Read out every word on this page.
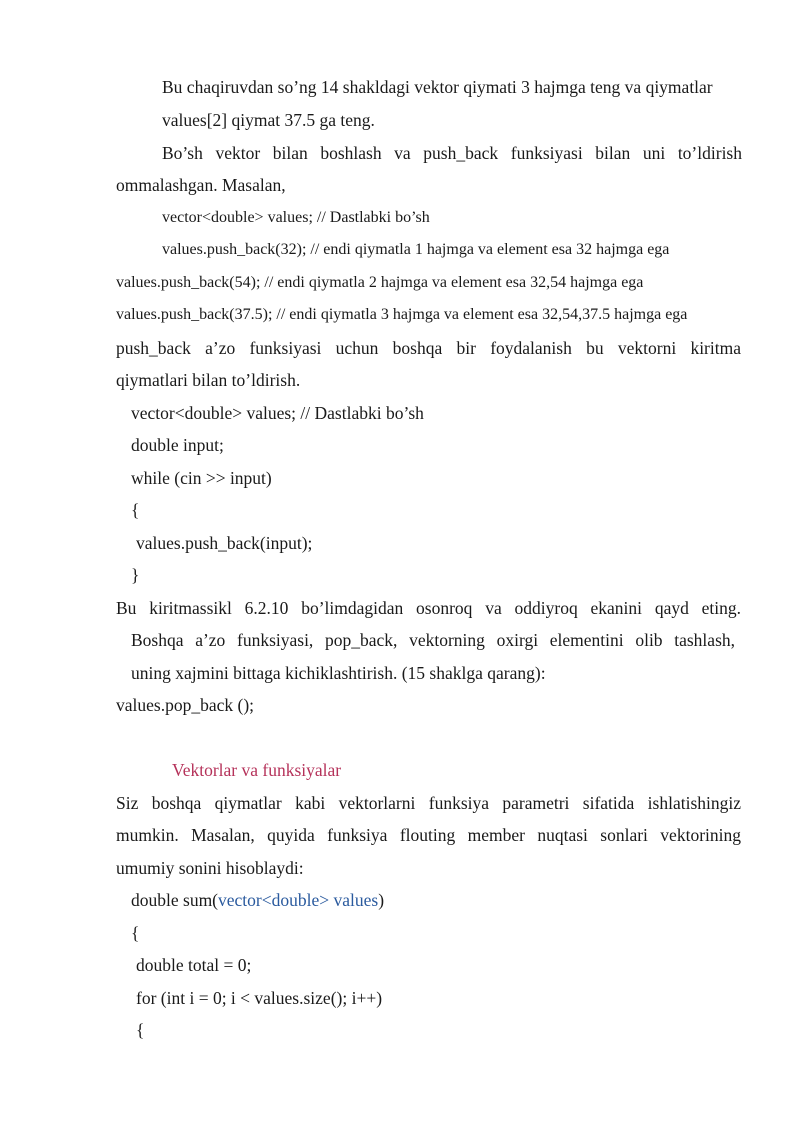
Bu chaqiruvdan so’ng 14 shakldagi vektor qiymati 3 hajmga teng va qiymatlar
values[2] qiymat 37.5 ga teng.
Bo’sh vektor bilan boshlash va push_back funksiyasi bilan uni to’ldirish
ommalashgan. Masalan,
vector<double> values; // Dastlabki bo’sh
values.push_back(32); // endi qiymatla 1 hajmga va element esa 32 hajmga ega
values.push_back(54); // endi qiymatla 2 hajmga va element esa 32,54 hajmga ega
values.push_back(37.5); // endi qiymatla 3 hajmga va element esa 32,54,37.5 hajmga ega
push_back a’zo funksiyasi uchun boshqa bir foydalanish bu vektorni kiritma
qiymatlari bilan to’ldirish.
vector<double> values; // Dastlabki bo’sh
double input;
while (cin >> input)
{
values.push_back(input);
}
Bu kiritmassikl 6.2.10 bo’limdagidan osonroq va oddiyroq ekanini qayd eting.
Boshqa a’zo funksiyasi, pop_back, vektorning oxirgi elementini olib tashlash,
uning xajmini bittaga kichiklashtirish. (15 shaklga qarang):
values.pop_back ();
Vektorlar va funksiyalar
Siz boshqa qiymatlar kabi vektorlarni funksiya parametri sifatida ishlatishingiz
mumkin. Masalan, quyida funksiya flouting member nuqtasi sonlari vektorining
umumiy sonini hisoblaydi:
double sum(vector<double> values)
{
double total = 0;
for (int i = 0; i < values.size(); i++)
{
